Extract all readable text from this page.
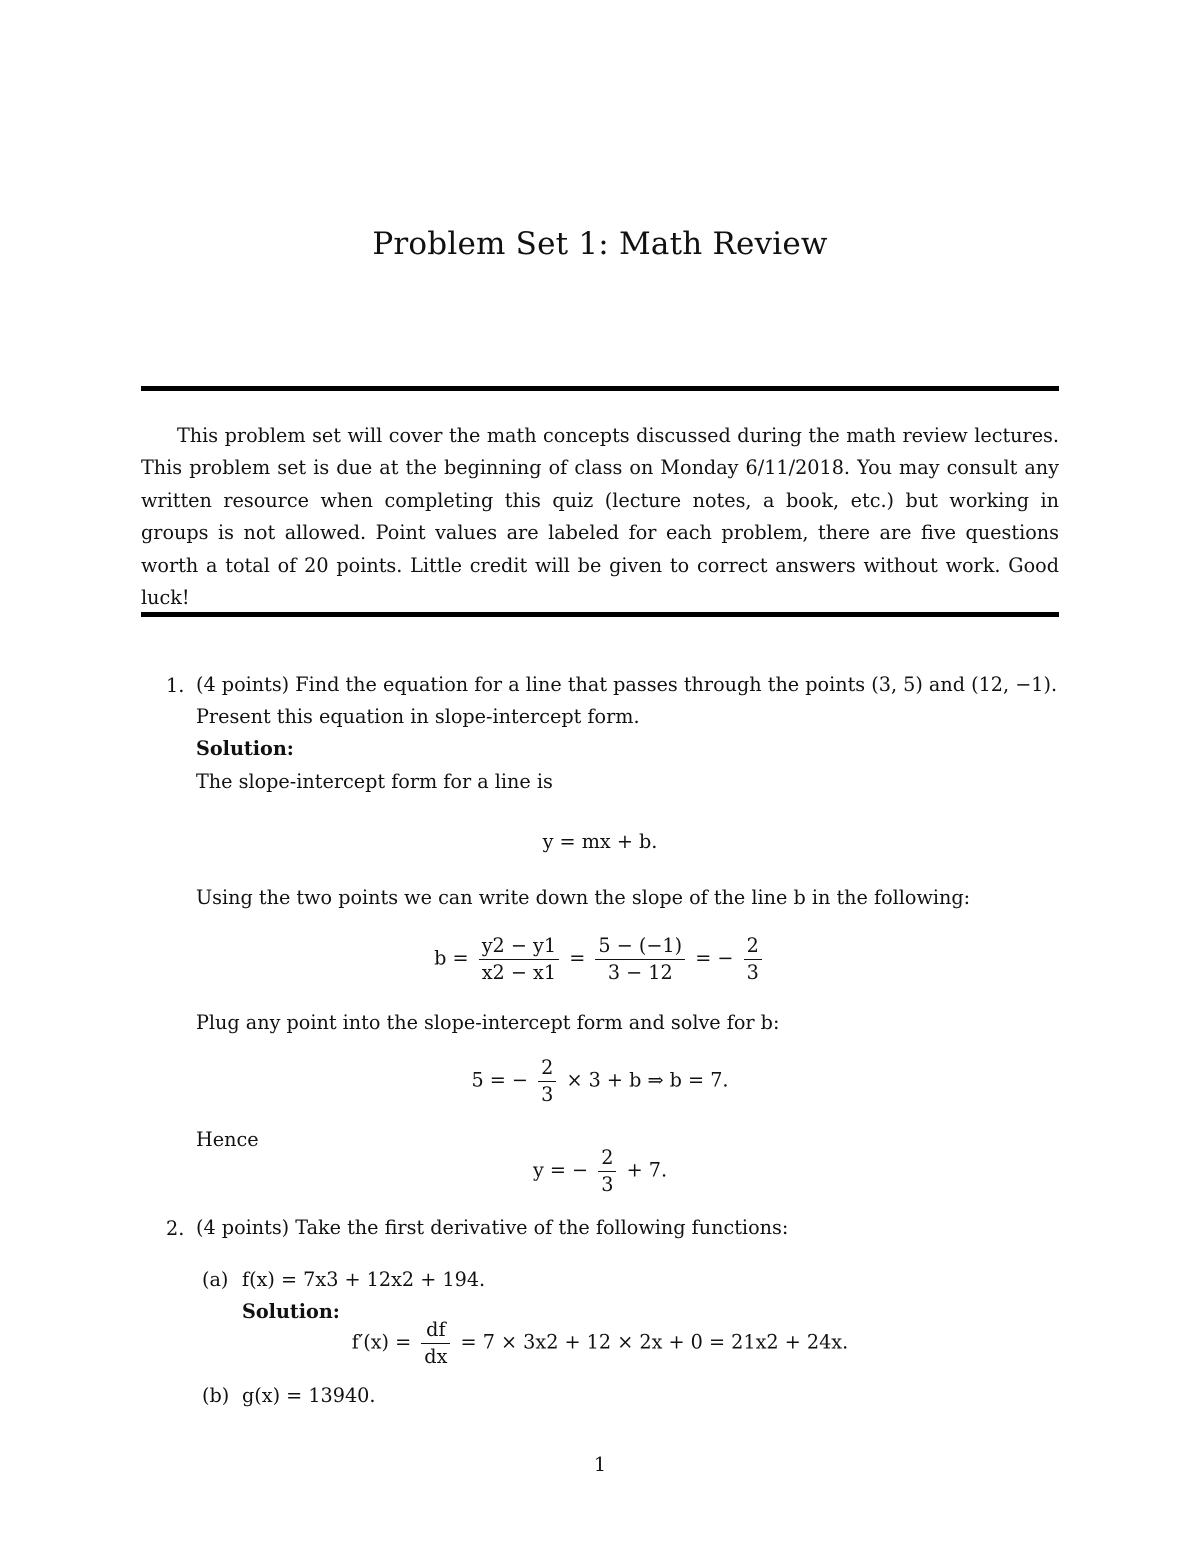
Problem Set 1: Math Review

This problem set will cover the math concepts discussed during the math review lectures. This problem set is due at the beginning of class on Monday 6/11/2018. You may consult any written resource when completing this quiz (lecture notes, a book, etc.) but working in groups is not allowed. Point values are labeled for each problem, there are five questions worth a total of 20 points. Little credit will be given to correct answers without work. Good luck!

1. (4 points) Find the equation for a line that passes through the points (3, 5) and (12, −1).
Present this equation in slope-intercept form.
Solution:
The slope-intercept form for a line is
y = mx + b.
Using the two points we can write down the slope of the line b in the following:
$b = \frac{y2 - y1}{x2 - x1} = \frac{5 - (-1)}{3 - 12}$ = − $\frac{2}{3}$
Plug any point into the slope-intercept form and solve for b:
5 = − $\frac{2}{3} \times 3 + b$ ⇒ b = 7.
Hence
y = − $\frac{2}{3} + 7$.
2. (4 points) Take the first derivative of the following functions:
(a) f(x) = 7x3 + 12x2 + 194.
Solution:
$f'(x) = \frac{df}{dx} = 7 \times 3x2 + 12 \times 2x + 0 = 21x2 + 24x$.
(b) g(x) = 13940.
1
